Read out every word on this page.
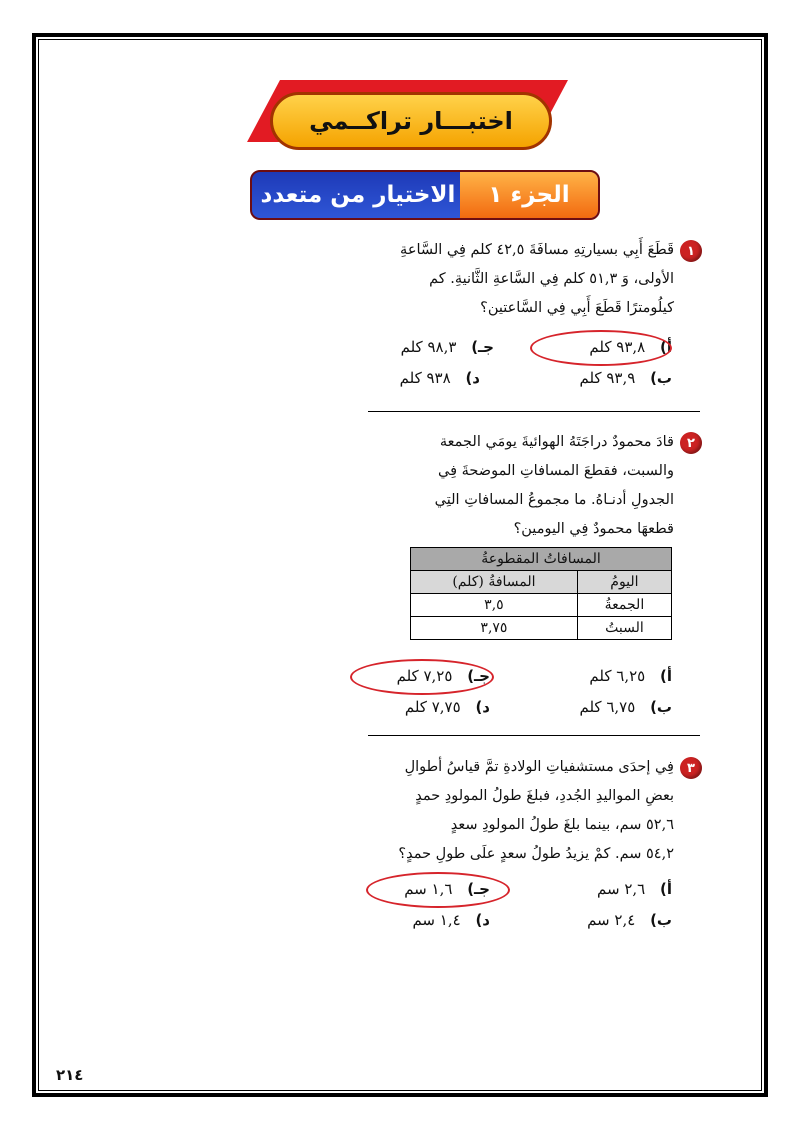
اختبـــار تراكــمي
الجزء ١
الاختيار من متعدد
١
قَطَعَ أَبِي بسيارتِهِ مسافَةَ ٤٢,٥ كلم فِي السَّاعةِ
الأولى، وَ ٥١,٣ كلم فِي السَّاعةِ الثَّانيةِ. كم
كيلُومترًا قَطَعَ أَبِي فِي السَّاعتين؟
أ) ٩٣,٨ كلم
جـ) ٩٨,٣ كلم
ب) ٩٣,٩ كلم
د) ٩٣٨ كلم
٢
قادَ محمودٌ دراجَتَهُ الهوائيةَ يومَي الجمعة
والسبت، فقطعَ المسافاتِ الموضحةَ فِي
الجدولِ أدنـاهُ. ما مجموعُ المسافاتِ التِي
قطعهَا محمودٌ فِي اليومين؟
المسافاتُ المقطوعةُ	
اليومُ	المسافةُ (كلم)
الجمعةُ	٣,٥
السبتُ	٣,٧٥
أ) ٦,٢٥ كلم
جـ) ٧,٢٥ كلم
ب) ٦,٧٥ كلم
د) ٧,٧٥ كلم
٣
فِي إحدَى مستشفياتِ الولادةِ تمَّ قياسُ أطوالِ
بعضِ المواليدِ الجُددِ، فبلغَ طولُ المولودِ حمدٍ
٥٢,٦ سم، بينما بلغَ طولُ المولودِ سعدٍ
٥٤,٢ سم. كمْ يزيدُ طولُ سعدٍ علَى طولِ حمدٍ؟
أ) ٢,٦ سم
جـ) ١,٦ سم
ب) ٢,٤ سم
د) ١,٤ سم
٢١٤
